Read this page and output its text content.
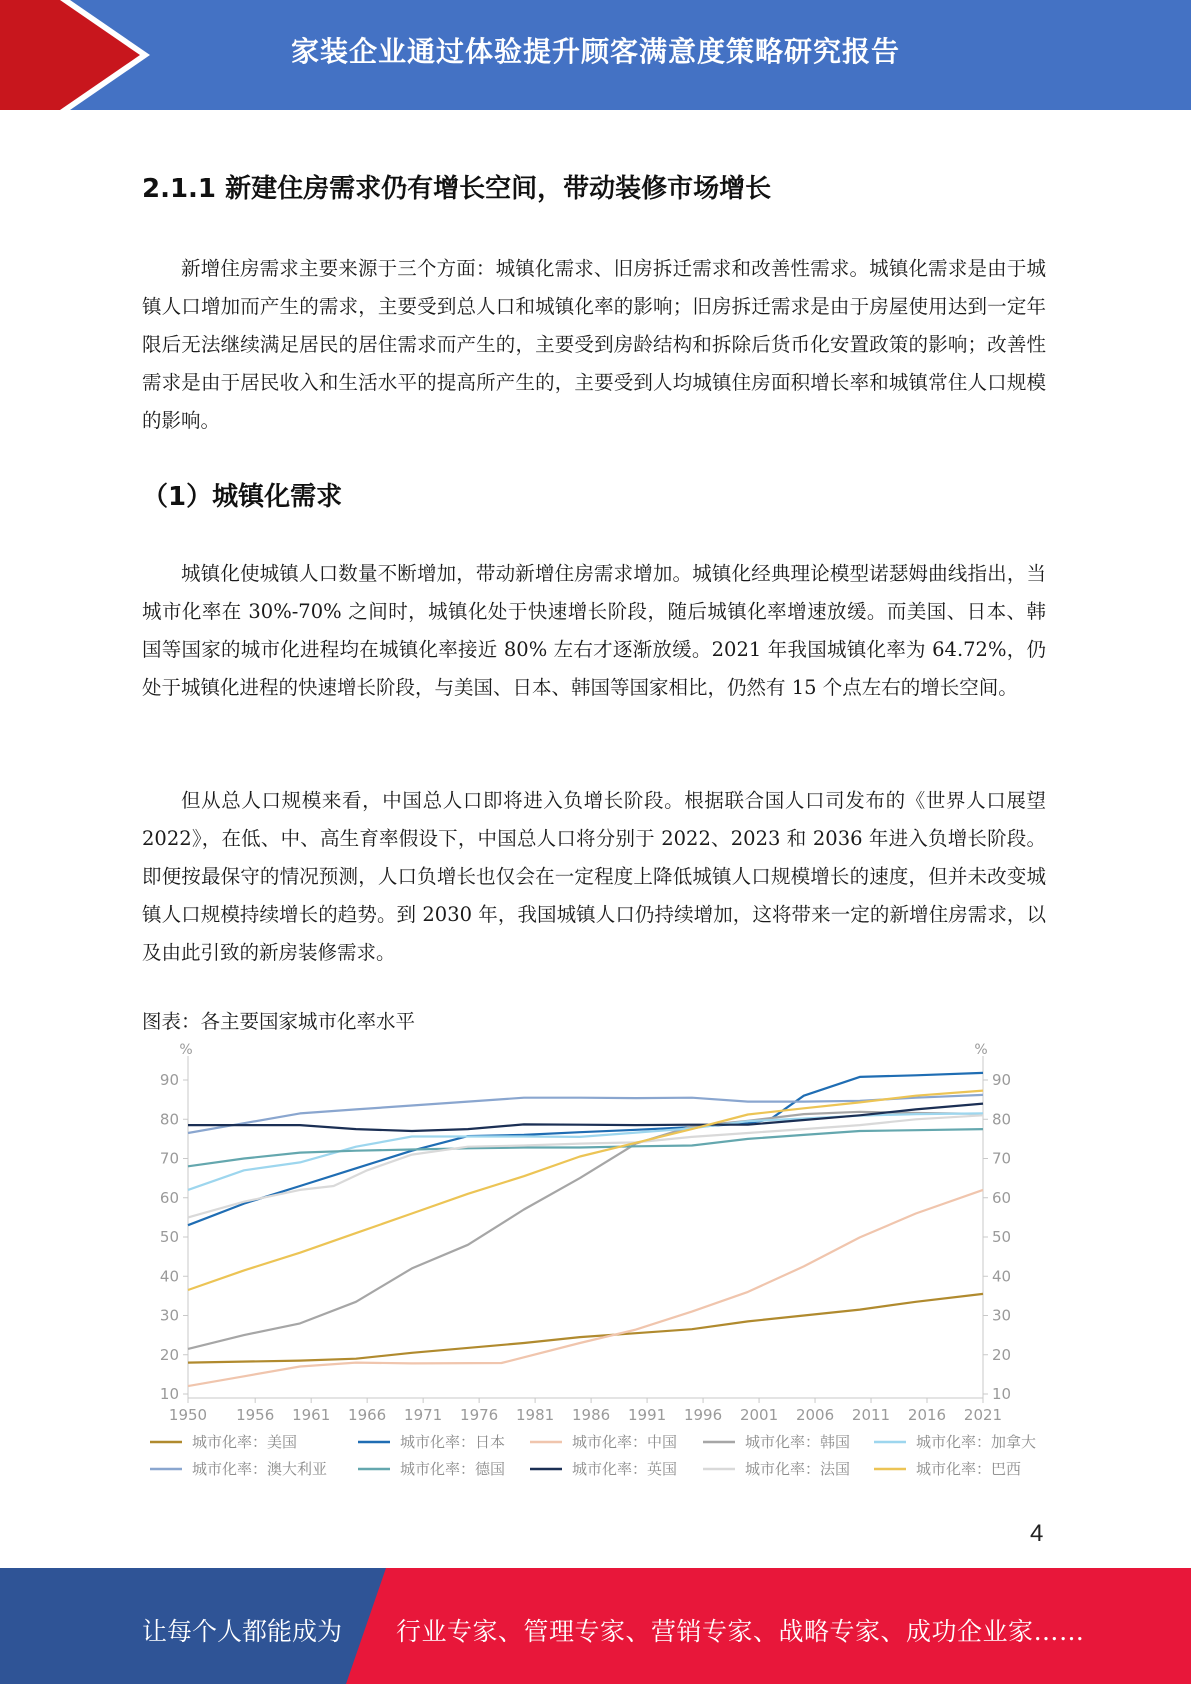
家装企业通过体验提升顾客满意度策略研究报告
2.1.1 新建住房需求仍有增长空间，带动装修市场增长
新增住房需求主要来源于三个方面：城镇化需求、旧房拆迁需求和改善性需求。城镇化需求是由于城镇人口增加而产生的需求，主要受到总人口和城镇化率的影响；旧房拆迁需求是由于房屋使用达到一定年限后无法继续满足居民的居住需求而产生的，主要受到房龄结构和拆除后货币化安置政策的影响；改善性需求是由于居民收入和生活水平的提高所产生的，主要受到人均城镇住房面积增长率和城镇常住人口规模的影响。
（1）城镇化需求
城镇化使城镇人口数量不断增加，带动新增住房需求增加。城镇化经典理论模型诺瑟姆曲线指出，当城市化率在 30%-70% 之间时，城镇化处于快速增长阶段，随后城镇化率增速放缓。而美国、日本、韩国等国家的城市化进程均在城镇化率接近 80% 左右才逐渐放缓。2021 年我国城镇化率为 64.72%，仍处于城镇化进程的快速增长阶段，与美国、日本、韩国等国家相比，仍然有 15 个点左右的增长空间。
但从总人口规模来看，中国总人口即将进入负增长阶段。根据联合国人口司发布的《世界人口展望 2022》，在低、中、高生育率假设下，中国总人口将分别于 2022、2023 和 2036 年进入负增长阶段。即便按最保守的情况预测，人口负增长也仅会在一定程度上降低城镇人口规模增长的速度，但并未改变城镇人口规模持续增长的趋势。到 2030 年，我国城镇人口仍持续增加，这将带来一定的新增住房需求，以及由此引致的新房装修需求。
图表：各主要国家城市化率水平
%	%
10	10
20	20
30	30
40	40
50	50
60	60
70	70
80	80
90	90
1950 1956 1961 1966 1971 1976 1981 1986 1991 1996 2001 2006 2011 2016 2021
城市化率：美国	城市化率：日本	城市化率：中国	城市化率：韩国	城市化率：加拿大
城市化率：澳大利亚	城市化率：德国	城市化率：英国	城市化率：法国	城市化率：巴西
4
让每个人都能成为 行业专家、管理专家、营销专家、战略专家、成功企业家……
